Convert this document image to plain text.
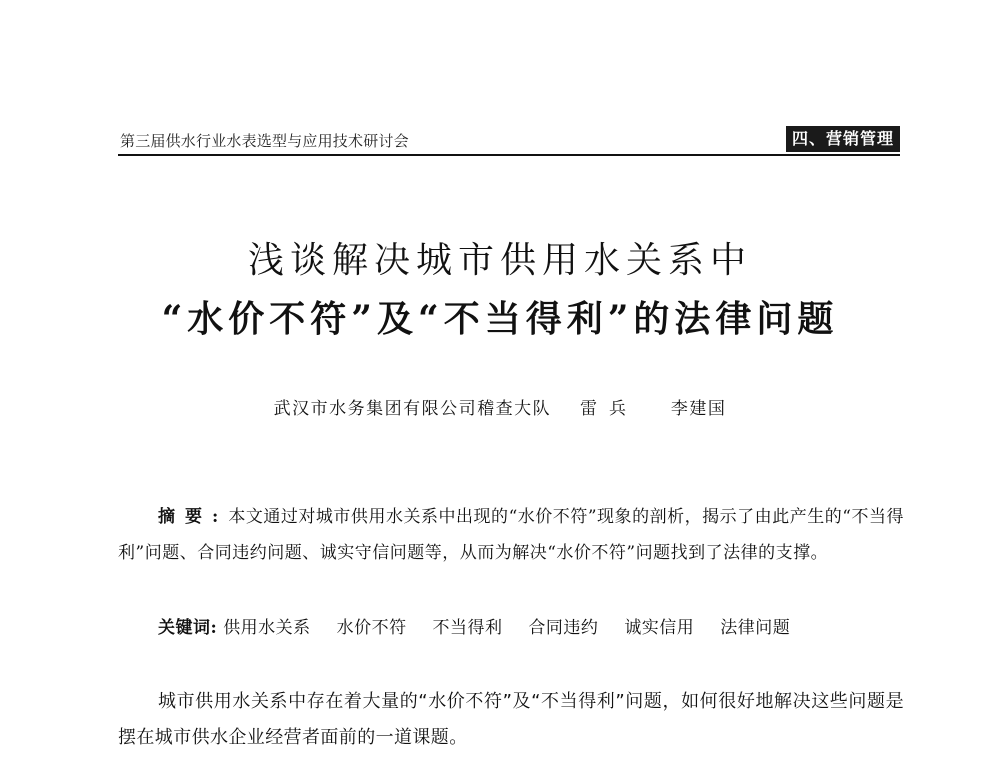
第三届供水行业水表选型与应用技术研讨会	四、营销管理
浅谈解决城市供用水关系中
“水价不符”及“不当得利”的法律问题
武汉市水务集团有限公司稽查大队 雷兵 李建国
摘要:本文通过对城市供用水关系中出现的“水价不符”现象的剖析，揭示了由此产生的“不当得利”问题、合同违约问题、诚实守信问题等，从而为解决“水价不符”问题找到了法律的支撑。
关键词: 供用水关系 水价不符 不当得利 合同违约 诚实信用 法律问题
城市供用水关系中存在着大量的“水价不符”及“不当得利”问题，如何很好地解决这些问题是摆在城市供水企业经营者面前的一道课题。
